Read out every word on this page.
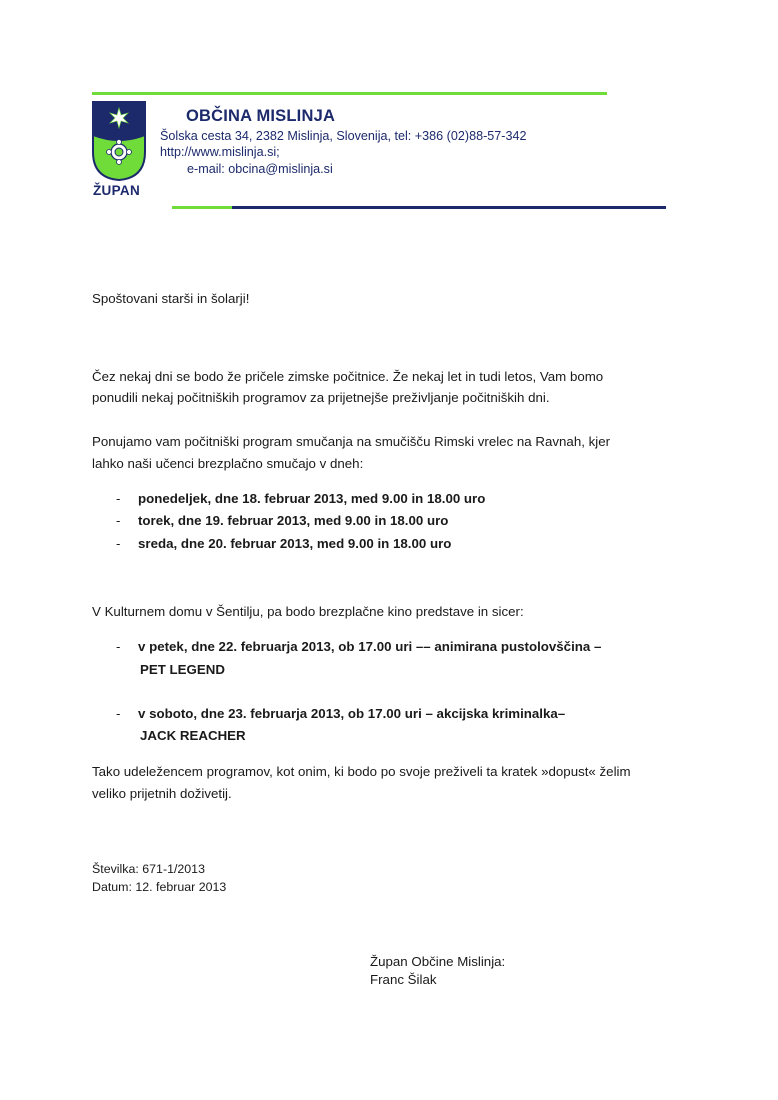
ŽUPAN
OBČINA MISLINJA
Šolska cesta 34, 2382 Mislinja, Slovenija, tel: +386 (02)88-57-342
http://www.mislinja.si;
e-mail: obcina@mislinja.si
Spoštovani starši in šolarji!
Čez nekaj dni se bodo že pričele zimske počitnice. Že nekaj let in tudi letos, Vam bomo
ponudili nekaj počitniških programov za prijetnejše preživljanje počitniških dni.
Ponujamo vam počitniški program smučanja na smučišču Rimski vrelec na Ravnah, kjer
lahko naši učenci brezplačno smučajo v dneh:
- ponedeljek, dne 18. februar 2013, med 9.00 in 18.00 uro
- torek, dne 19. februar 2013, med 9.00 in 18.00 uro
- sreda, dne 20. februar 2013, med 9.00 in 18.00 uro
V Kulturnem domu v Šentilju, pa bodo brezplačne kino predstave in sicer:
- v petek, dne 22. februarja 2013, ob 17.00 uri –– animirana pustolovščina –
PET LEGEND
- v soboto, dne 23. februarja 2013, ob 17.00 uri – akcijska kriminalka–
JACK REACHER
Tako udeležencem programov, kot onim, ki bodo po svoje preživeli ta kratek »dopust« želim
veliko prijetnih doživetij.
Številka: 671-1/2013
Datum: 12. februar 2013
Župan Občine Mislinja:
Franc Šilak
